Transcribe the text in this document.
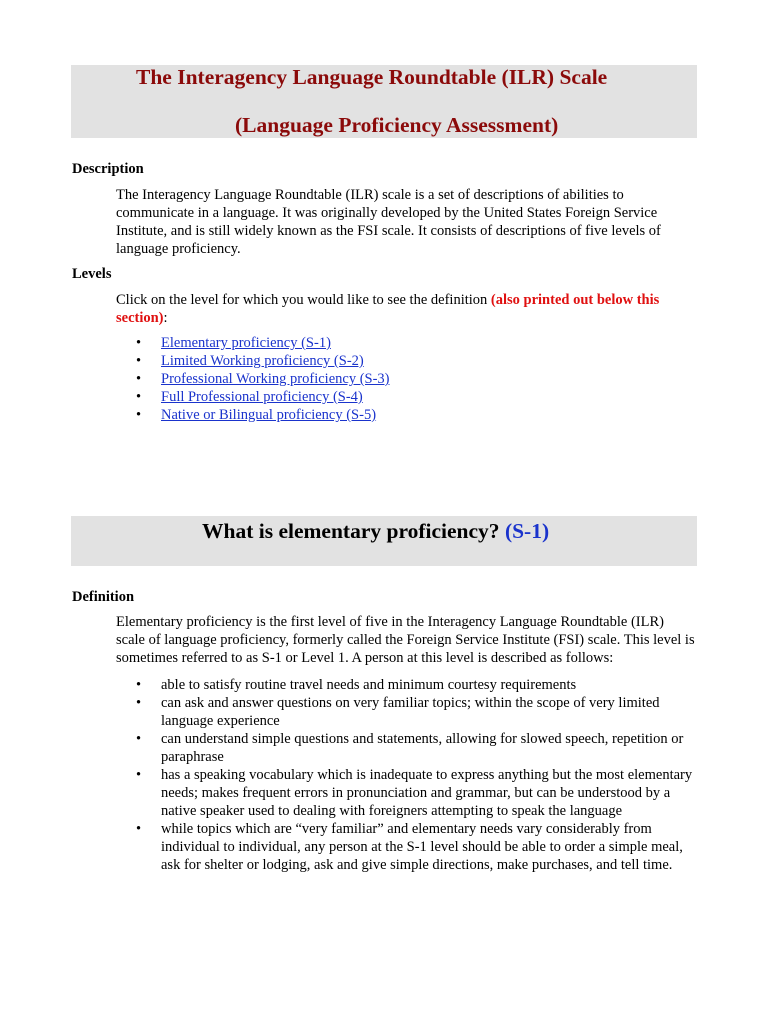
The Interagency Language Roundtable (ILR) Scale
(Language Proficiency Assessment)
Description
The Interagency Language Roundtable (ILR) scale is a set of descriptions of abilities to communicate in a language. It was originally developed by the United States Foreign Service Institute, and is still widely known as the FSI scale. It consists of descriptions of five levels of language proficiency.
Levels
Click on the level for which you would like to see the definition (also printed out below this section):
• Elementary proficiency (S-1)
• Limited Working proficiency (S-2)
• Professional Working proficiency (S-3)
• Full Professional proficiency (S-4)
• Native or Bilingual proficiency (S-5)
What is elementary proficiency? (S-1)
Definition
Elementary proficiency is the first level of five in the Interagency Language Roundtable (ILR) scale of language proficiency, formerly called the Foreign Service Institute (FSI) scale. This level is sometimes referred to as S-1 or Level 1. A person at this level is described as follows:
• able to satisfy routine travel needs and minimum courtesy requirements
• can ask and answer questions on very familiar topics; within the scope of very limited language experience
• can understand simple questions and statements, allowing for slowed speech, repetition or paraphrase
• has a speaking vocabulary which is inadequate to express anything but the most elementary needs; makes frequent errors in pronunciation and grammar, but can be understood by a native speaker used to dealing with foreigners attempting to speak the language
• while topics which are “very familiar” and elementary needs vary considerably from individual to individual, any person at the S-1 level should be able to order a simple meal, ask for shelter or lodging, ask and give simple directions, make purchases, and tell time.
